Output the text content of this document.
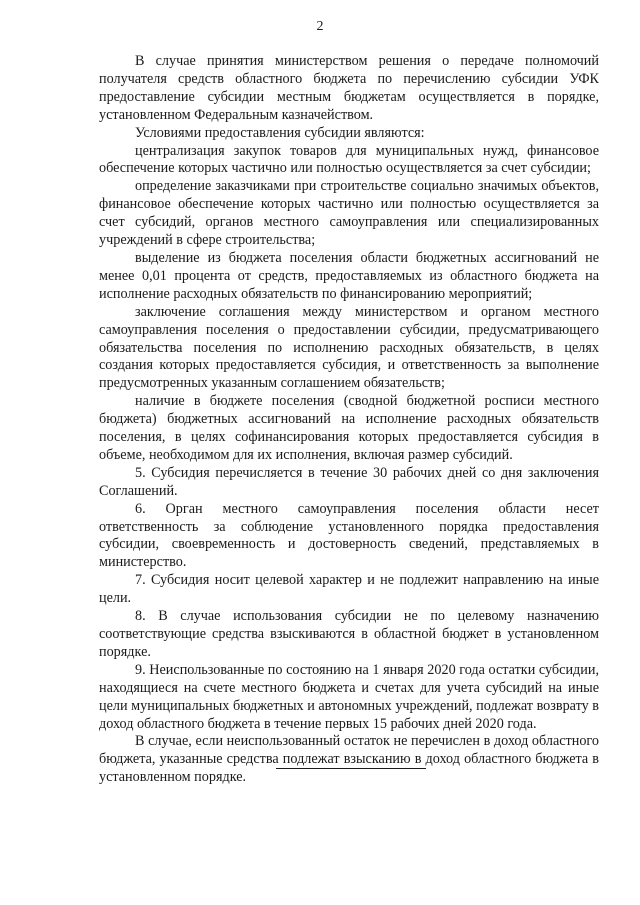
2

В случае принятия министерством решения о передаче полномочий получателя средств областного бюджета по перечислению субсидии УФК предоставление субсидии местным бюджетам осуществляется в порядке, установленном Федеральным казначейством.

Условиями предоставления субсидии являются:

централизация закупок товаров для муниципальных нужд, финансовое обеспечение которых частично или полностью осуществляется за счет субсидии;

определение заказчиками при строительстве социально значимых объектов, финансовое обеспечение которых частично или полностью осуществляется за счет субсидий, органов местного самоуправления или специализированных учреждений в сфере строительства;

выделение из бюджета поселения области бюджетных ассигнований не менее 0,01 процента от средств, предоставляемых из областного бюджета на исполнение расходных обязательств по финансированию мероприятий;

заключение соглашения между министерством и органом местного самоуправления поселения о предоставлении субсидии, предусматривающего обязательства поселения по исполнению расходных обязательств, в целях создания которых предоставляется субсидия, и ответственность за выполнение предусмотренных указанным соглашением обязательств;

наличие в бюджете поселения (сводной бюджетной росписи местного бюджета) бюджетных ассигнований на исполнение расходных обязательств поселения, в целях софинансирования которых предоставляется субсидия в объеме, необходимом для их исполнения, включая размер субсидий.

5. Субсидия перечисляется в течение 30 рабочих дней со дня заключения Соглашений.

6. Орган местного самоуправления поселения области несет ответственность за соблюдение установленного порядка предоставления субсидии, своевременность и достоверность сведений, представляемых в министерство.

7. Субсидия носит целевой характер и не подлежит направлению на иные цели.

8. В случае использования субсидии не по целевому назначению соответствующие средства взыскиваются в областной бюджет в установленном порядке.

9. Неиспользованные по состоянию на 1 января 2020 года остатки субсидии, находящиеся на счете местного бюджета и счетах для учета субсидий на иные цели муниципальных бюджетных и автономных учреждений, подлежат возврату в доход областного бюджета в течение первых 15 рабочих дней 2020 года.

В случае, если неиспользованный остаток не перечислен в доход областного бюджета, указанные средства подлежат взысканию в доход областного бюджета в установленном порядке.
